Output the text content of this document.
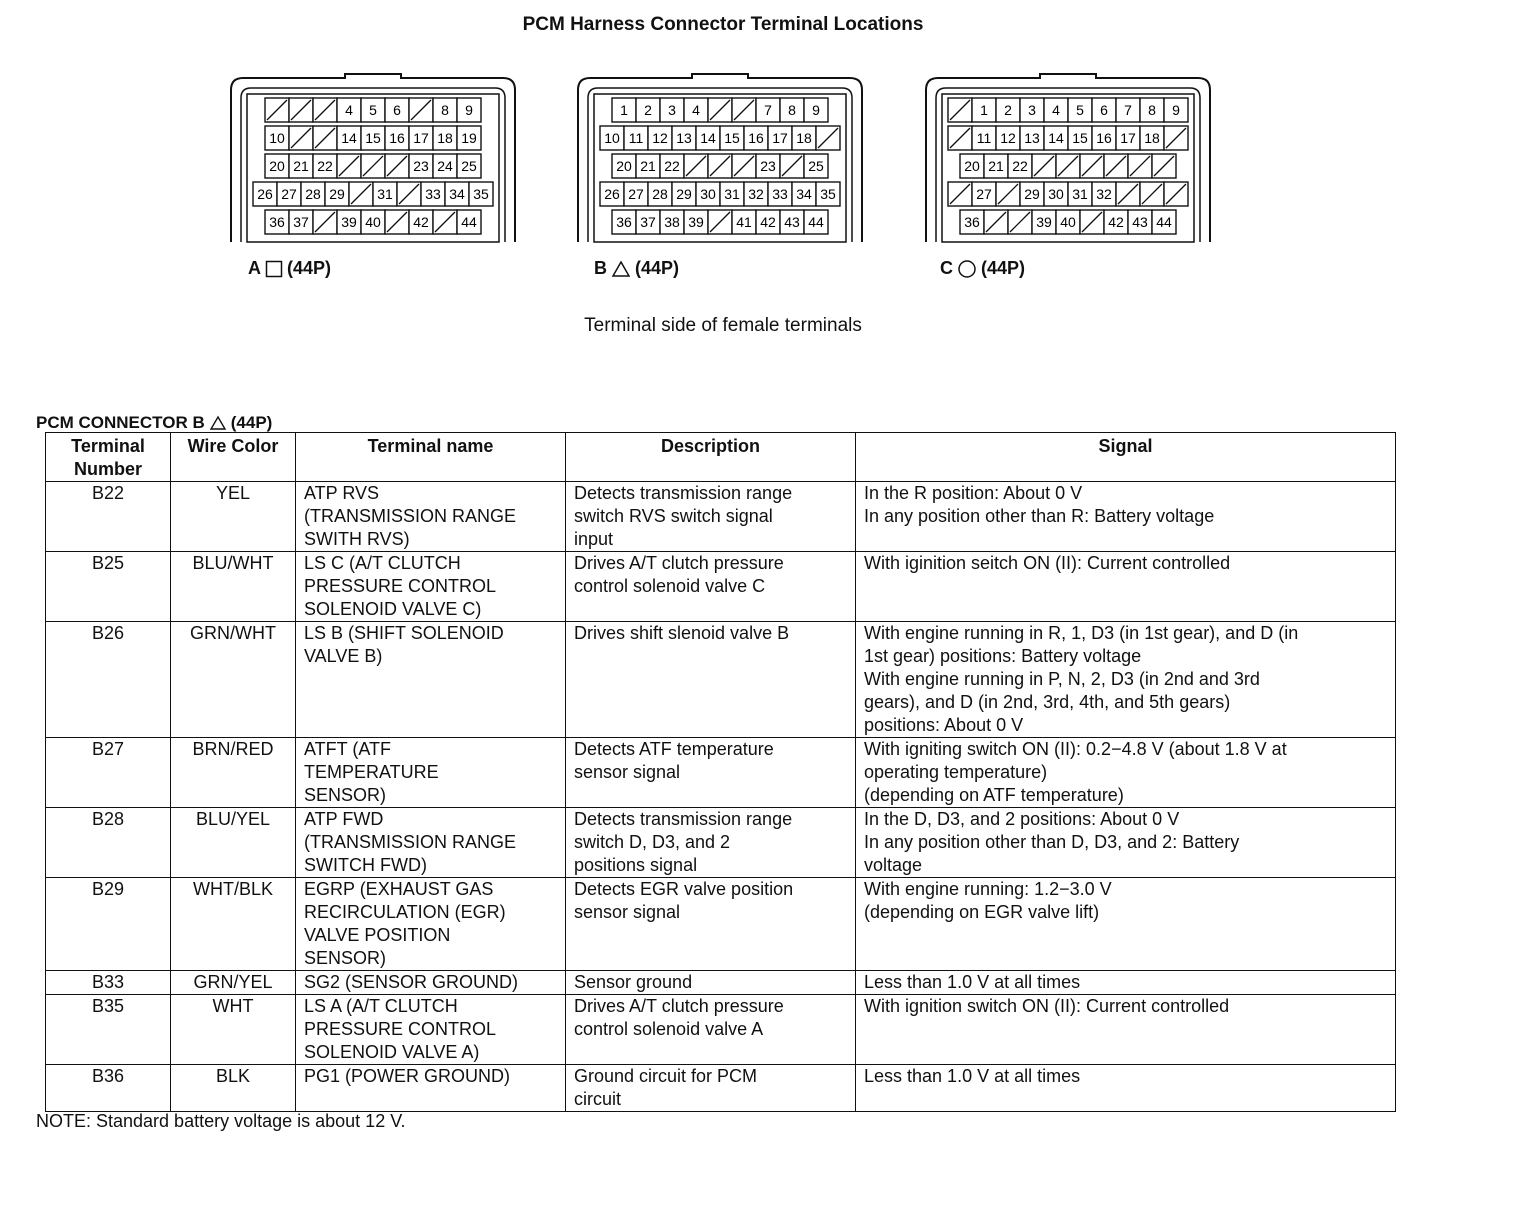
PCM Harness Connector Terminal Locations
4 5 6	8 9
10	14 15 16 17 18 19
20 21 22	23 24 25
26 27 28 29 31 33 34 35
36 37 39 40 42 44
A (44P)
1 2 3 4	7 8 9
10 11 12 13 14 15 16 17 18
20 21 22	23 25
26 27 28 29 30 31 32 33 34 35
36 37 38 39 41 42 43 44
B (44P)
1 2 3 4 5 6 7 8 9
11 12 13 14 15 16 17 18
20 21 22
27 29 30 31 32
36	39 40 42 43 44
C (44P)
Terminal side of female terminals
PCM CONNECTOR B (44P)
Terminal Number	Wire Color	Terminal name	Description	Signal
B22	YEL	ATP RVS
(TRANSMISSION RANGE
SWITH RVS)	Detects transmission range
switch RVS switch signal
input	In the R position: About 0 V
In any position other than R: Battery voltage

B25	BLU/WHT	LS C (A/T CLUTCH
PRESSURE CONTROL
SOLENOID VALVE C)	Drives A/T clutch pressure
control solenoid valve C	With iginition seitch ON (II): Current controlled

B26	GRN/WHT	LS B (SHIFT SOLENOID
VALVE B)	Drives shift slenoid valve B	With engine running in R, 1, D3 (in 1st gear), and D (in
1st gear) positions: Battery voltage
With engine running in P, N, 2, D3 (in 2nd and 3rd
gears), and D (in 2nd, 3rd, 4th, and 5th gears)
positions: About 0 V

B27	BRN/RED	ATFT (ATF
TEMPERATURE
SENSOR)	Detects ATF temperature
sensor signal	With igniting switch ON (II): 0.2−4.8 V (about 1.8 V at
operating temperature)
(depending on ATF temperature)

B28	BLU/YEL	ATP FWD
(TRANSMISSION RANGE
SWITCH FWD)	Detects transmission range
switch D, D3, and 2
positions signal	In the D, D3, and 2 positions: About 0 V
In any position other than D, D3, and 2: Battery
voltage

B29	WHT/BLK	EGRP (EXHAUST GAS
RECIRCULATION (EGR)
VALVE POSITION
SENSOR)	Detects EGR valve position
sensor signal	With engine running: 1.2−3.0 V
(depending on EGR valve lift)

B33	GRN/YEL	SG2 (SENSOR GROUND)	Sensor ground	Less than 1.0 V at all times

B35	WHT	LS A (A/T CLUTCH
PRESSURE CONTROL
SOLENOID VALVE A)	Drives A/T clutch pressure
control solenoid valve A	With ignition switch ON (II): Current controlled

B36	BLK	PG1 (POWER GROUND)	Ground circuit for PCM
circuit	Less than 1.0 V at all times
NOTE: Standard battery voltage is about 12 V.
